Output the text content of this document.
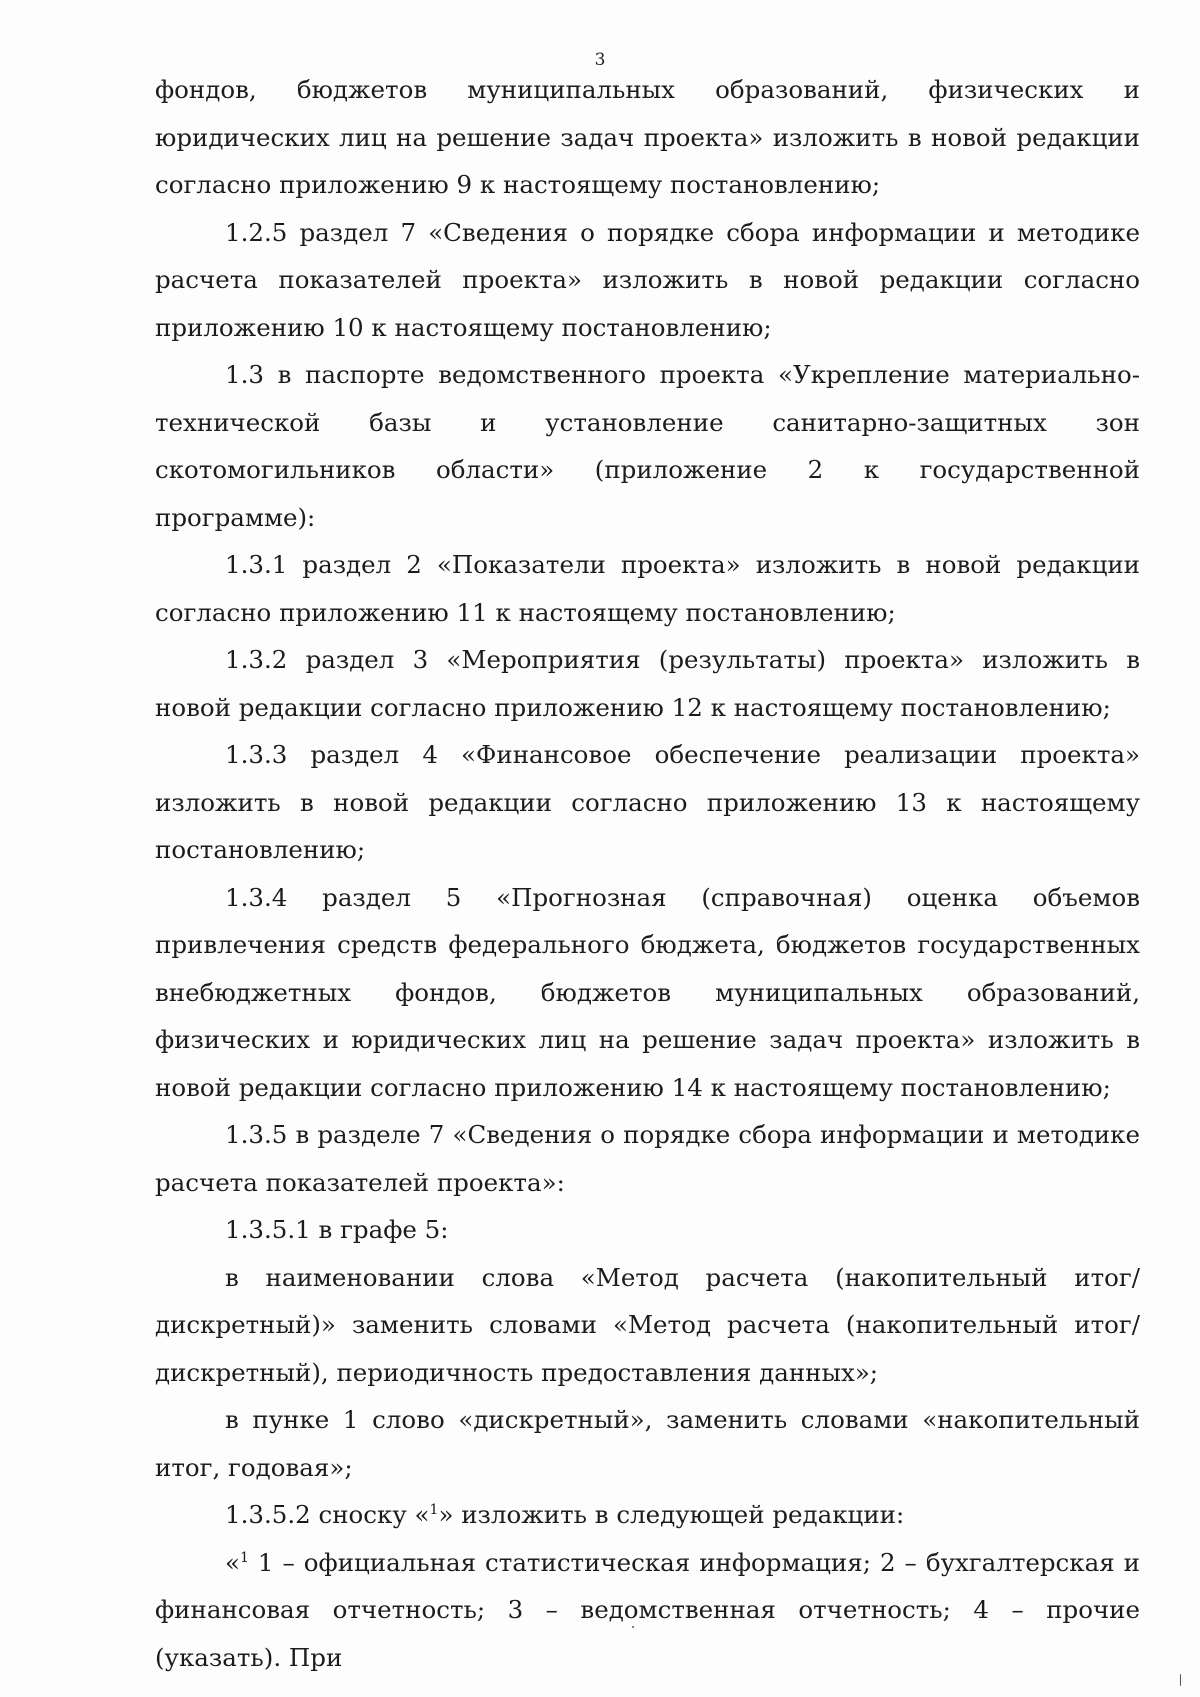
3

фондов, бюджетов муниципальных образований, физических и юридических лиц на решение задач проекта» изложить в новой редакции согласно приложению 9 к настоящему постановлению;

1.2.5 раздел 7 «Сведения о порядке сбора информации и методике расчета показателей проекта» изложить в новой редакции согласно приложению 10 к настоящему постановлению;

1.3 в паспорте ведомственного проекта «Укрепление материально-технической базы и установление санитарно-защитных зон скотомогильников области» (приложение 2 к государственной программе):

1.3.1 раздел 2 «Показатели проекта» изложить в новой редакции согласно приложению 11 к настоящему постановлению;

1.3.2 раздел 3 «Мероприятия (результаты) проекта» изложить в новой редакции согласно приложению 12 к настоящему постановлению;

1.3.3 раздел 4 «Финансовое обеспечение реализации проекта» изложить в новой редакции согласно приложению 13 к настоящему постановлению;

1.3.4 раздел 5 «Прогнозная (справочная) оценка объемов привлечения средств федерального бюджета, бюджетов государственных внебюджетных фондов, бюджетов муниципальных образований, физических и юридических лиц на решение задач проекта» изложить в новой редакции согласно приложению 14 к настоящему постановлению;

1.3.5 в разделе 7 «Сведения о порядке сбора информации и методике расчета показателей проекта»:

1.3.5.1 в графе 5:

в наименовании слова «Метод расчета (накопительный итог/дискретный)» заменить словами «Метод расчета (накопительный итог/дискретный), периодичность предоставления данных»;

в пунке 1 слово «дискретный», заменить словами «накопительный итог, годовая»;

1.3.5.2 сноску «$^1$» изложить в следующей редакции:

«$^1$ 1 – официальная статистическая информация; 2 – бухгалтерская и финансовая отчетность; 3 – ведомственная отчетность; 4 – прочие (указать). При
